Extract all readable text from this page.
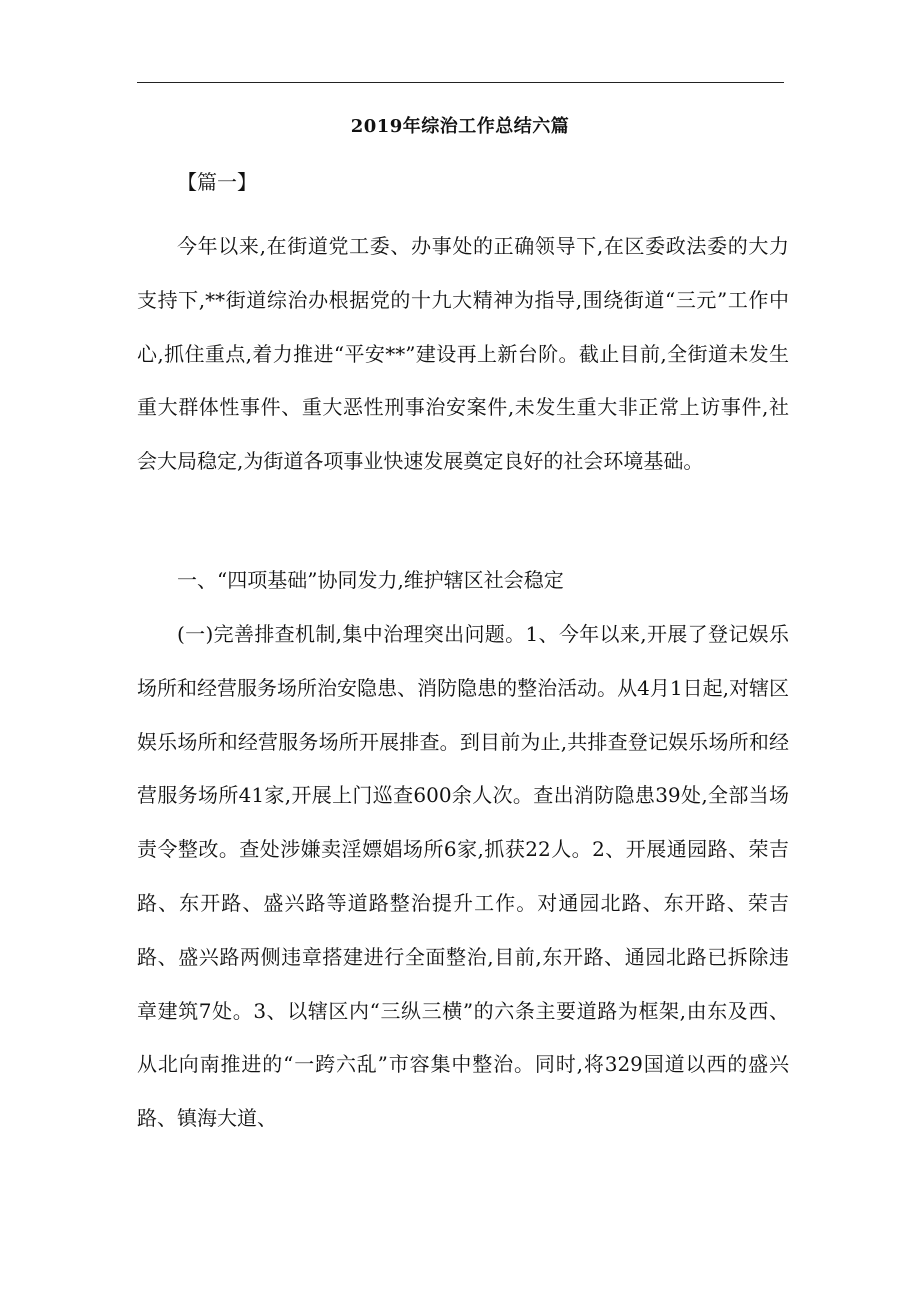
2019年综治工作总结六篇
【篇一】

今年以来,在街道党工委、办事处的正确领导下,在区委政法委的大力支持下,**街道综治办根据党的十九大精神为指导,围绕街道“三元”工作中心,抓住重点,着力推进“平安**”建设再上新台阶。截止目前,全街道未发生重大群体性事件、重大恶性刑事治安案件,未发生重大非正常上访事件,社会大局稳定,为街道各项事业快速发展奠定良好的社会环境基础。

一、“四项基础”协同发力,维护辖区社会稳定

(一)完善排查机制,集中治理突出问题。1、今年以来,开展了登记娱乐场所和经营服务场所治安隐患、消防隐患的整治活动。从4月1日起,对辖区娱乐场所和经营服务场所开展排查。到目前为止,共排查登记娱乐场所和经营服务场所41家,开展上门巡查600余人次。查出消防隐患39处,全部当场责令整改。查处涉嫌卖淫嫖娼场所6家,抓获22人。2、开展通园路、荣吉路、东开路、盛兴路等道路整治提升工作。对通园北路、东开路、荣吉路、盛兴路两侧违章搭建进行全面整治,目前,东开路、通园北路已拆除违章建筑7处。3、以辖区内“三纵三横”的六条主要道路为框架,由东及西、从北向南推进的“一跨六乱”市容集中整治。同时,将329国道以西的盛兴路、镇海大道、
